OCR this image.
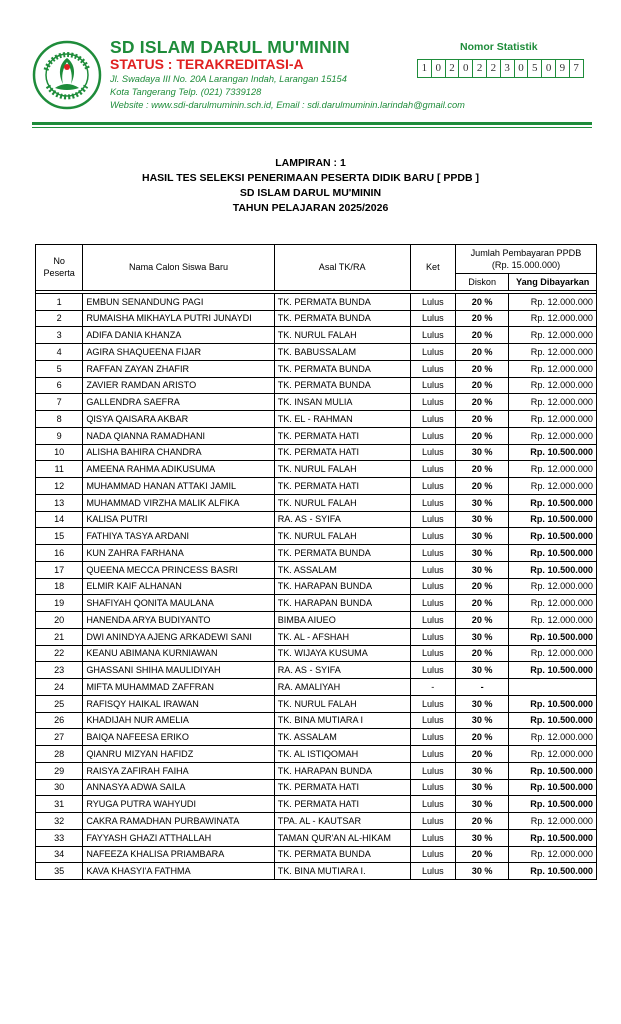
SD ISLAM DARUL MU'MININ
STATUS : TERAKREDITASI-A
Jl. Swadaya III No. 20A Larangan Indah, Larangan 15154
Kota Tangerang Telp. (021) 7339128
Website : www.sdi-darulmuminin.sch.id, Email : sdi.darulmuminin.larindah@gmail.com
Nomor Statistik
1 0 2 0 2 2 3 0 5 0 9 7
LAMPIRAN : 1
HASIL TES SELEKSI PENERIMAAN PESERTA DIDIK BARU [ PPDB ]
SD ISLAM DARUL MU'MININ
TAHUN PELAJARAN 2025/2026
No Peserta	Nama Calon Siswa Baru	Asal TK/RA	Ket	Jumlah Pembayaran PPDB
(Rp. 15.000.000)	

				Diskon	Yang Dibayarkan

1	EMBUN SENANDUNG PAGI	TK. PERMATA BUNDA	Lulus	20 %	Rp. 12.000.000
2	RUMAISHA MIKHAYLA PUTRI JUNAYDI	TK. PERMATA BUNDA	Lulus	20 %	Rp. 12.000.000
3	ADIFA DANIA KHANZA	TK. NURUL FALAH	Lulus	20 %	Rp. 12.000.000
4	AGIRA SHAQUEENA FIJAR	TK. BABUSSALAM	Lulus	20 %	Rp. 12.000.000
5	RAFFAN ZAYAN ZHAFIR	TK. PERMATA BUNDA	Lulus	20 %	Rp. 12.000.000
6	ZAVIER RAMDAN ARISTO	TK. PERMATA BUNDA	Lulus	20 %	Rp. 12.000.000
7	GALLENDRA SAEFRA	TK. INSAN MULIA	Lulus	20 %	Rp. 12.000.000
8	QISYA QAISARA AKBAR	TK. EL - RAHMAN	Lulus	20 %	Rp. 12.000.000
9	NADA QIANNA RAMADHANI	TK. PERMATA HATI	Lulus	20 %	Rp. 12.000.000
10	ALISHA BAHIRA CHANDRA	TK. PERMATA HATI	Lulus	30 %	Rp. 10.500.000
11	AMEENA RAHMA ADIKUSUMA	TK. NURUL FALAH	Lulus	20 %	Rp. 12.000.000
12	MUHAMMAD HANAN ATTAKI JAMIL	TK. PERMATA HATI	Lulus	20 %	Rp. 12.000.000
13	MUHAMMAD VIRZHA MALIK ALFIKA	TK. NURUL FALAH	Lulus	30 %	Rp. 10.500.000
14	KALISA PUTRI	RA. AS - SYIFA	Lulus	30 %	Rp. 10.500.000
15	FATHIYA TASYA ARDANI	TK. NURUL FALAH	Lulus	30 %	Rp. 10.500.000
16	KUN ZAHRA FARHANA	TK. PERMATA BUNDA	Lulus	30 %	Rp. 10.500.000
17	QUEENA MECCA PRINCESS BASRI	TK. ASSALAM	Lulus	30 %	Rp. 10.500.000
18	ELMIR KAIF ALHANAN	TK. HARAPAN BUNDA	Lulus	20 %	Rp. 12.000.000
19	SHAFIYAH QONITA MAULANA	TK. HARAPAN BUNDA	Lulus	20 %	Rp. 12.000.000
20	HANENDA ARYA BUDIYANTO	BIMBA AIUEO	Lulus	20 %	Rp. 12.000.000
21	DWI ANINDYA AJENG ARKADEWI SANI	TK. AL - AFSHAH	Lulus	30 %	Rp. 10.500.000
22	KEANU ABIMANA KURNIAWAN	TK. WIJAYA KUSUMA	Lulus	20 %	Rp. 12.000.000
23	GHASSANI SHIHA MAULIDIYAH	RA. AS - SYIFA	Lulus	30 %	Rp. 10.500.000
24	MIFTA MUHAMMAD ZAFFRAN	RA. AMALIYAH	-	-	
25	RAFISQY HAIKAL IRAWAN	TK. NURUL FALAH	Lulus	30 %	Rp. 10.500.000
26	KHADIJAH NUR AMELIA	TK. BINA MUTIARA I	Lulus	30 %	Rp. 10.500.000
27	BAIQA NAFEESA ERIKO	TK. ASSALAM	Lulus	20 %	Rp. 12.000.000
28	QIANRU MIZYAN HAFIDZ	TK. AL ISTIQOMAH	Lulus	20 %	Rp. 12.000.000
29	RAISYA ZAFIRAH FAIHA	TK. HARAPAN BUNDA	Lulus	30 %	Rp. 10.500.000
30	ANNASYA ADWA SAILA	TK. PERMATA HATI	Lulus	30 %	Rp. 10.500.000
31	RYUGA PUTRA WAHYUDI	TK. PERMATA HATI	Lulus	30 %	Rp. 10.500.000
32	CAKRA RAMADHAN PURBAWINATA	TPA. AL - KAUTSAR	Lulus	20 %	Rp. 12.000.000
33	FAYYASH GHAZI ATTHALLAH	TAMAN QUR'AN AL-HIKAM	Lulus	30 %	Rp. 10.500.000
34	NAFEEZA KHALISA PRIAMBARA	TK. PERMATA BUNDA	Lulus	20 %	Rp. 12.000.000
35	KAVA KHASYI'A FATHMA	TK. BINA MUTIARA I.	Lulus	30 %	Rp. 10.500.000
